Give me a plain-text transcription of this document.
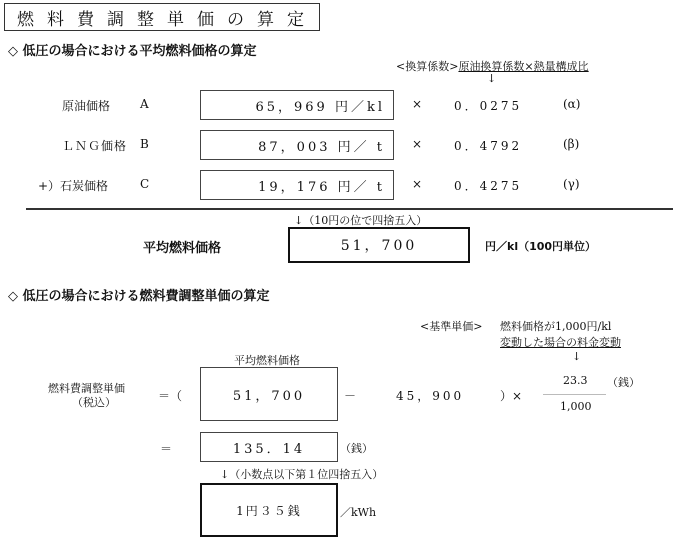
燃料費調整単価の算定
◇ 低圧の場合における平均燃料価格の算定
<換算係数>原油換算係数×熱量構成比
↓
原油価格 A	65，969 円／kl	×	0．0275	(α)
ＬＮＧ価格 B	87，003 円／ t	×	0．4792	(β)
+）石炭価格	C	19，176 円／ t	×	0．4275	(γ)
↓（10円の位で四捨五入）
平均燃料価格	51，700	円／kl（100円単位）
◇ 低圧の場合における燃料費調整単価の算定
<基準単価> 燃料価格が1,000円/kl
変動した場合の料金変動
↓
平均燃料価格
燃料費調整単価
（税込）	＝（	51，700	－	45，900	）×
23.3 （銭）
1,000
＝	135．14	（銭）
↓（小数点以下第１位四捨五入）
1円３５銭	／kWh
